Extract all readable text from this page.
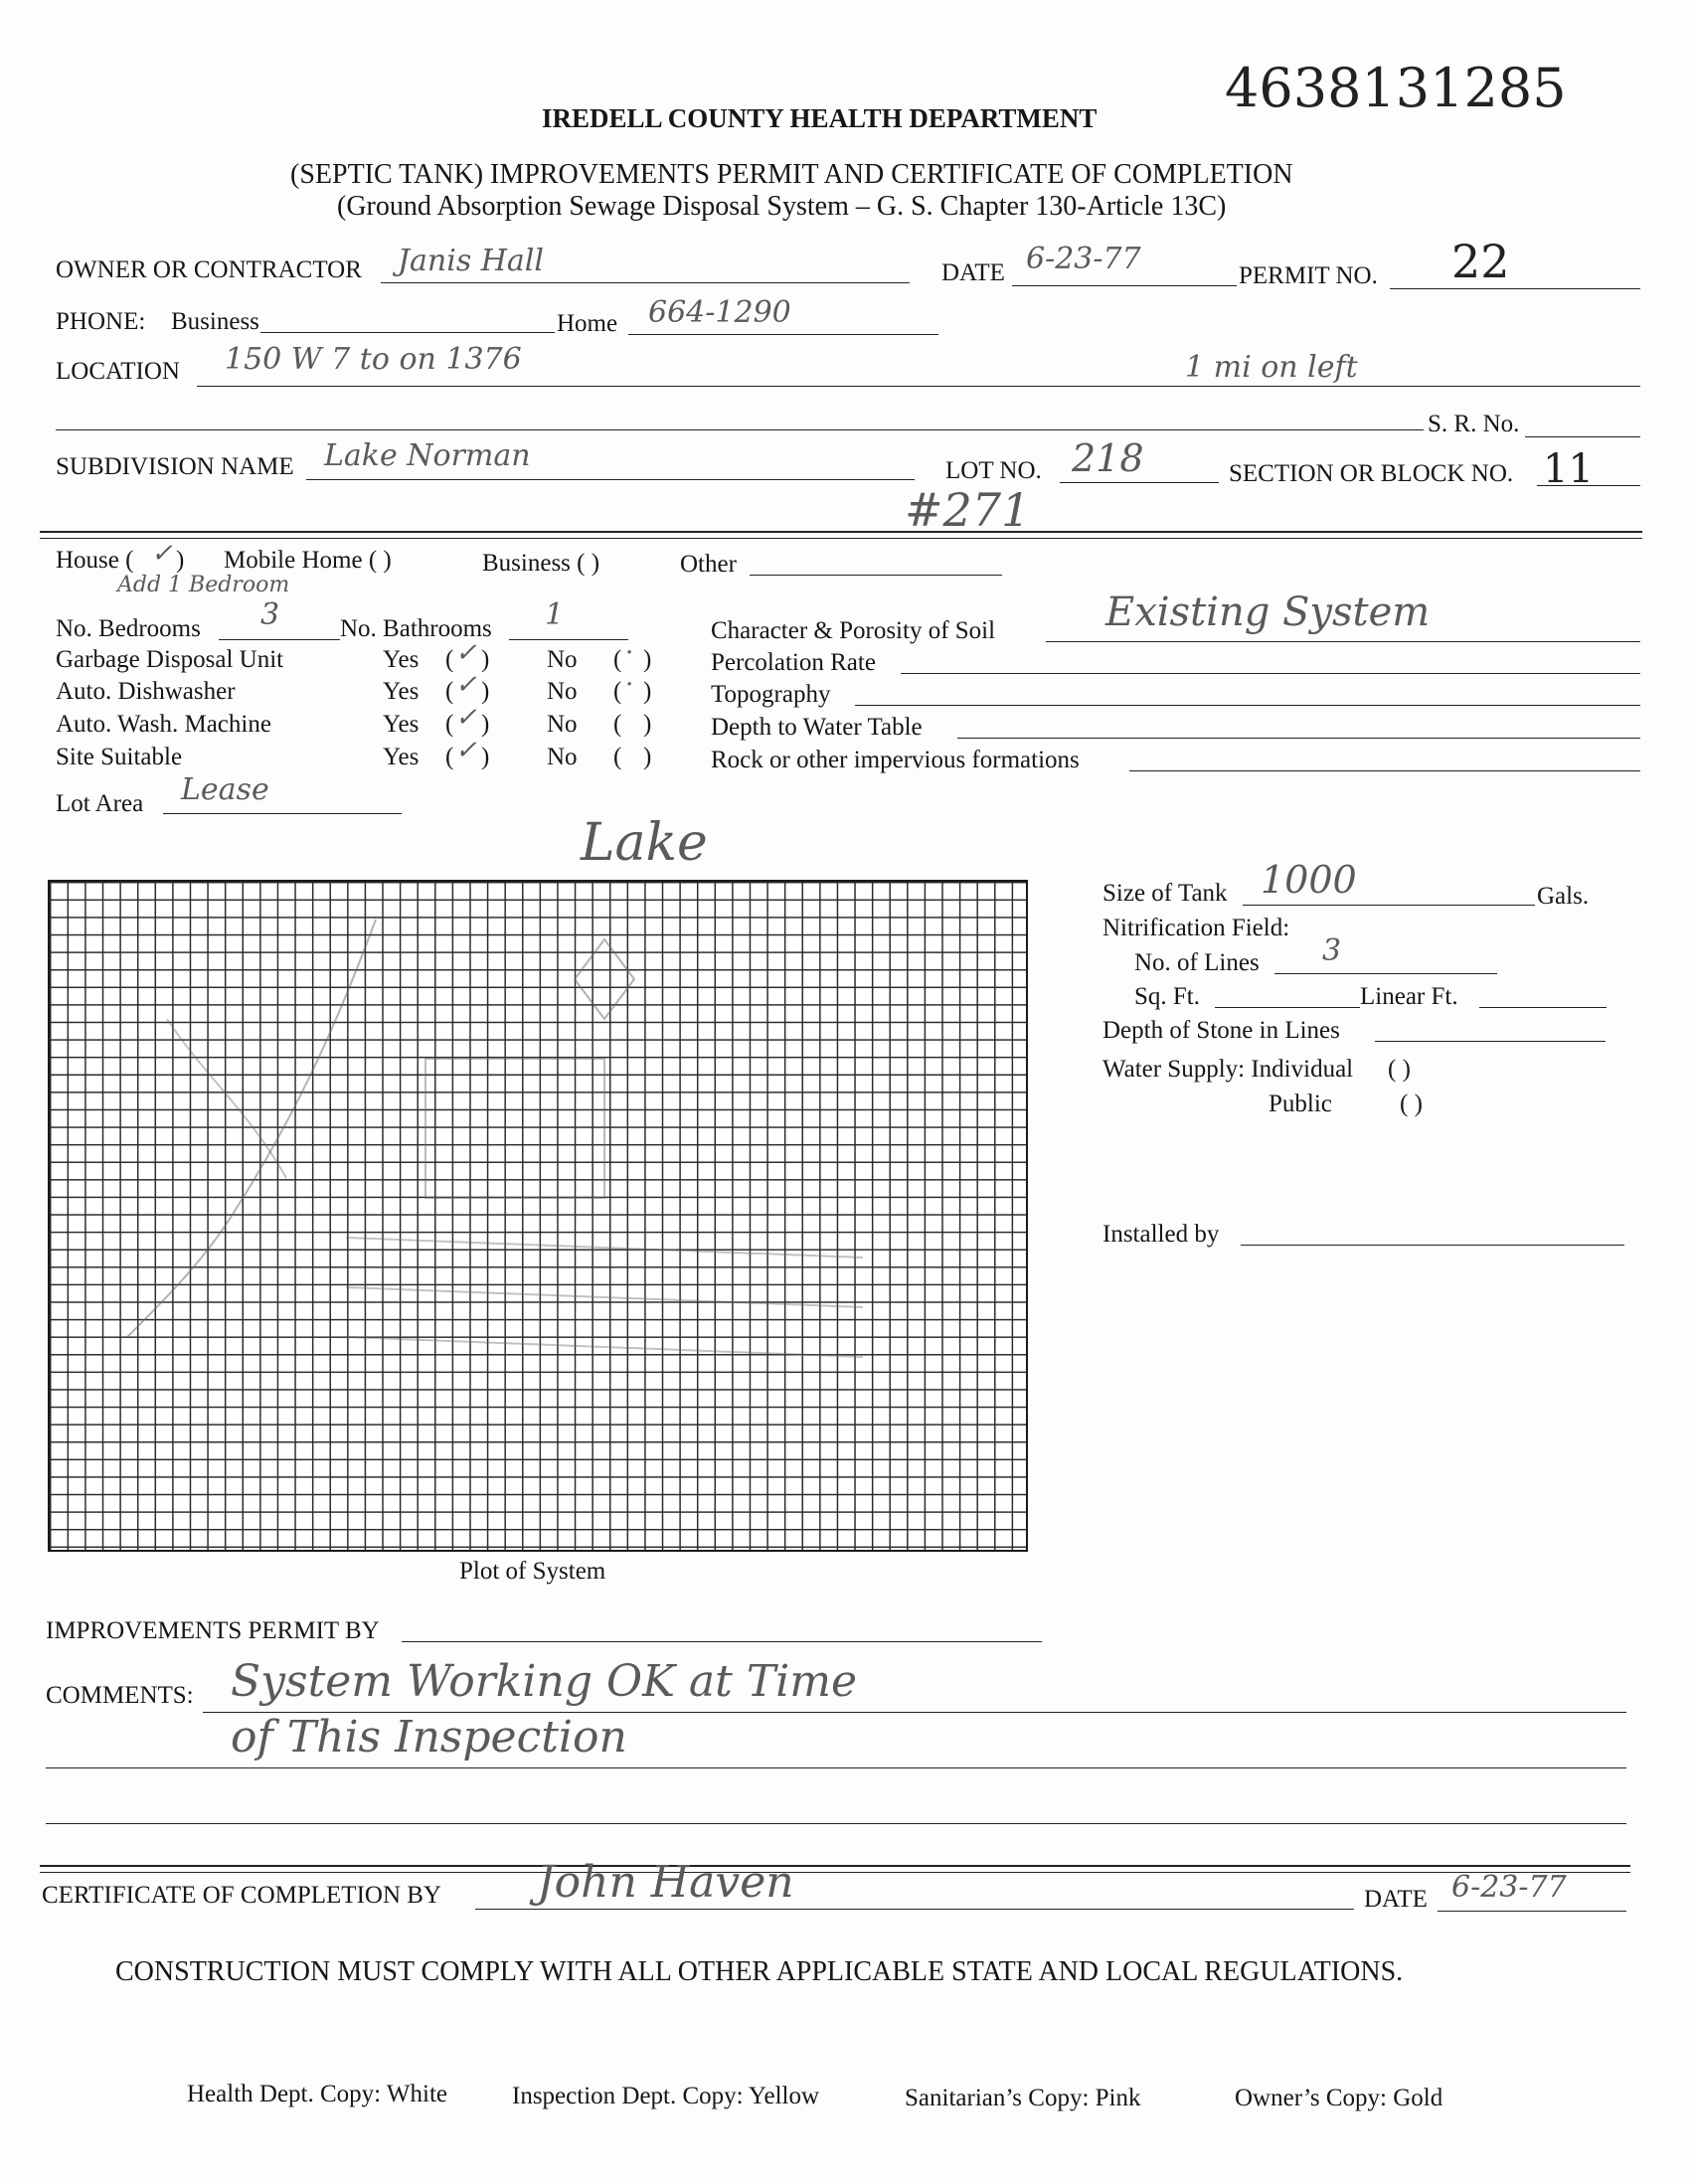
4638131285
IREDELL COUNTY HEALTH DEPARTMENT
(SEPTIC TANK) IMPROVEMENTS PERMIT AND CERTIFICATE OF COMPLETION
(Ground Absorption Sewage Disposal System – G. S. Chapter 130-Article 13C)
OWNER OR CONTRACTOR Janis Hall	DATE 6-23-77	PERMIT NO. 22
PHONE: Business	Home 664-1290
LOCATION 150 W 7 to on 1376	1 mi on left
S. R. No.
SUBDIVISION NAME Lake Norman	LOT NO. 218	SECTION OR BLOCK NO. 11
#271
House ( ✓ ) Mobile Home ( )	Business ( )	Other
Add 1 Bedroom
No. Bedrooms 3 No. Bathrooms 1
Garbage Disposal Unit	Yes ( ✓ ) No ( · )
Auto. Dishwasher	Yes ( ✓ ) No ( · )
Auto. Wash. Machine	Yes ( ✓ ) No ( )
Site Suitable	Yes ( ✓ ) No ( )
Character & Porosity of Soil	Existing System
Percolation Rate
Topography
Depth to Water Table
Rock or other impervious formations
Lot Area Lease
Lake
Plot of System
Size of Tank 1000	Gals.
Nitrification Field:
No. of Lines 3
Sq. Ft.	Linear Ft.
Depth of Stone in Lines
Water Supply: Individual ( )
Public	( )
Installed by
IMPROVEMENTS PERMIT BY
COMMENTS: System Working OK at Time
of This Inspection
CERTIFICATE OF COMPLETION BY John Haven	DATE 6-23-77
CONSTRUCTION MUST COMPLY WITH ALL OTHER APPLICABLE STATE AND LOCAL REGULATIONS.
Health Dept. Copy: White	Inspection Dept. Copy: Yellow	Sanitarian’s Copy: Pink	Owner’s Copy: Gold
